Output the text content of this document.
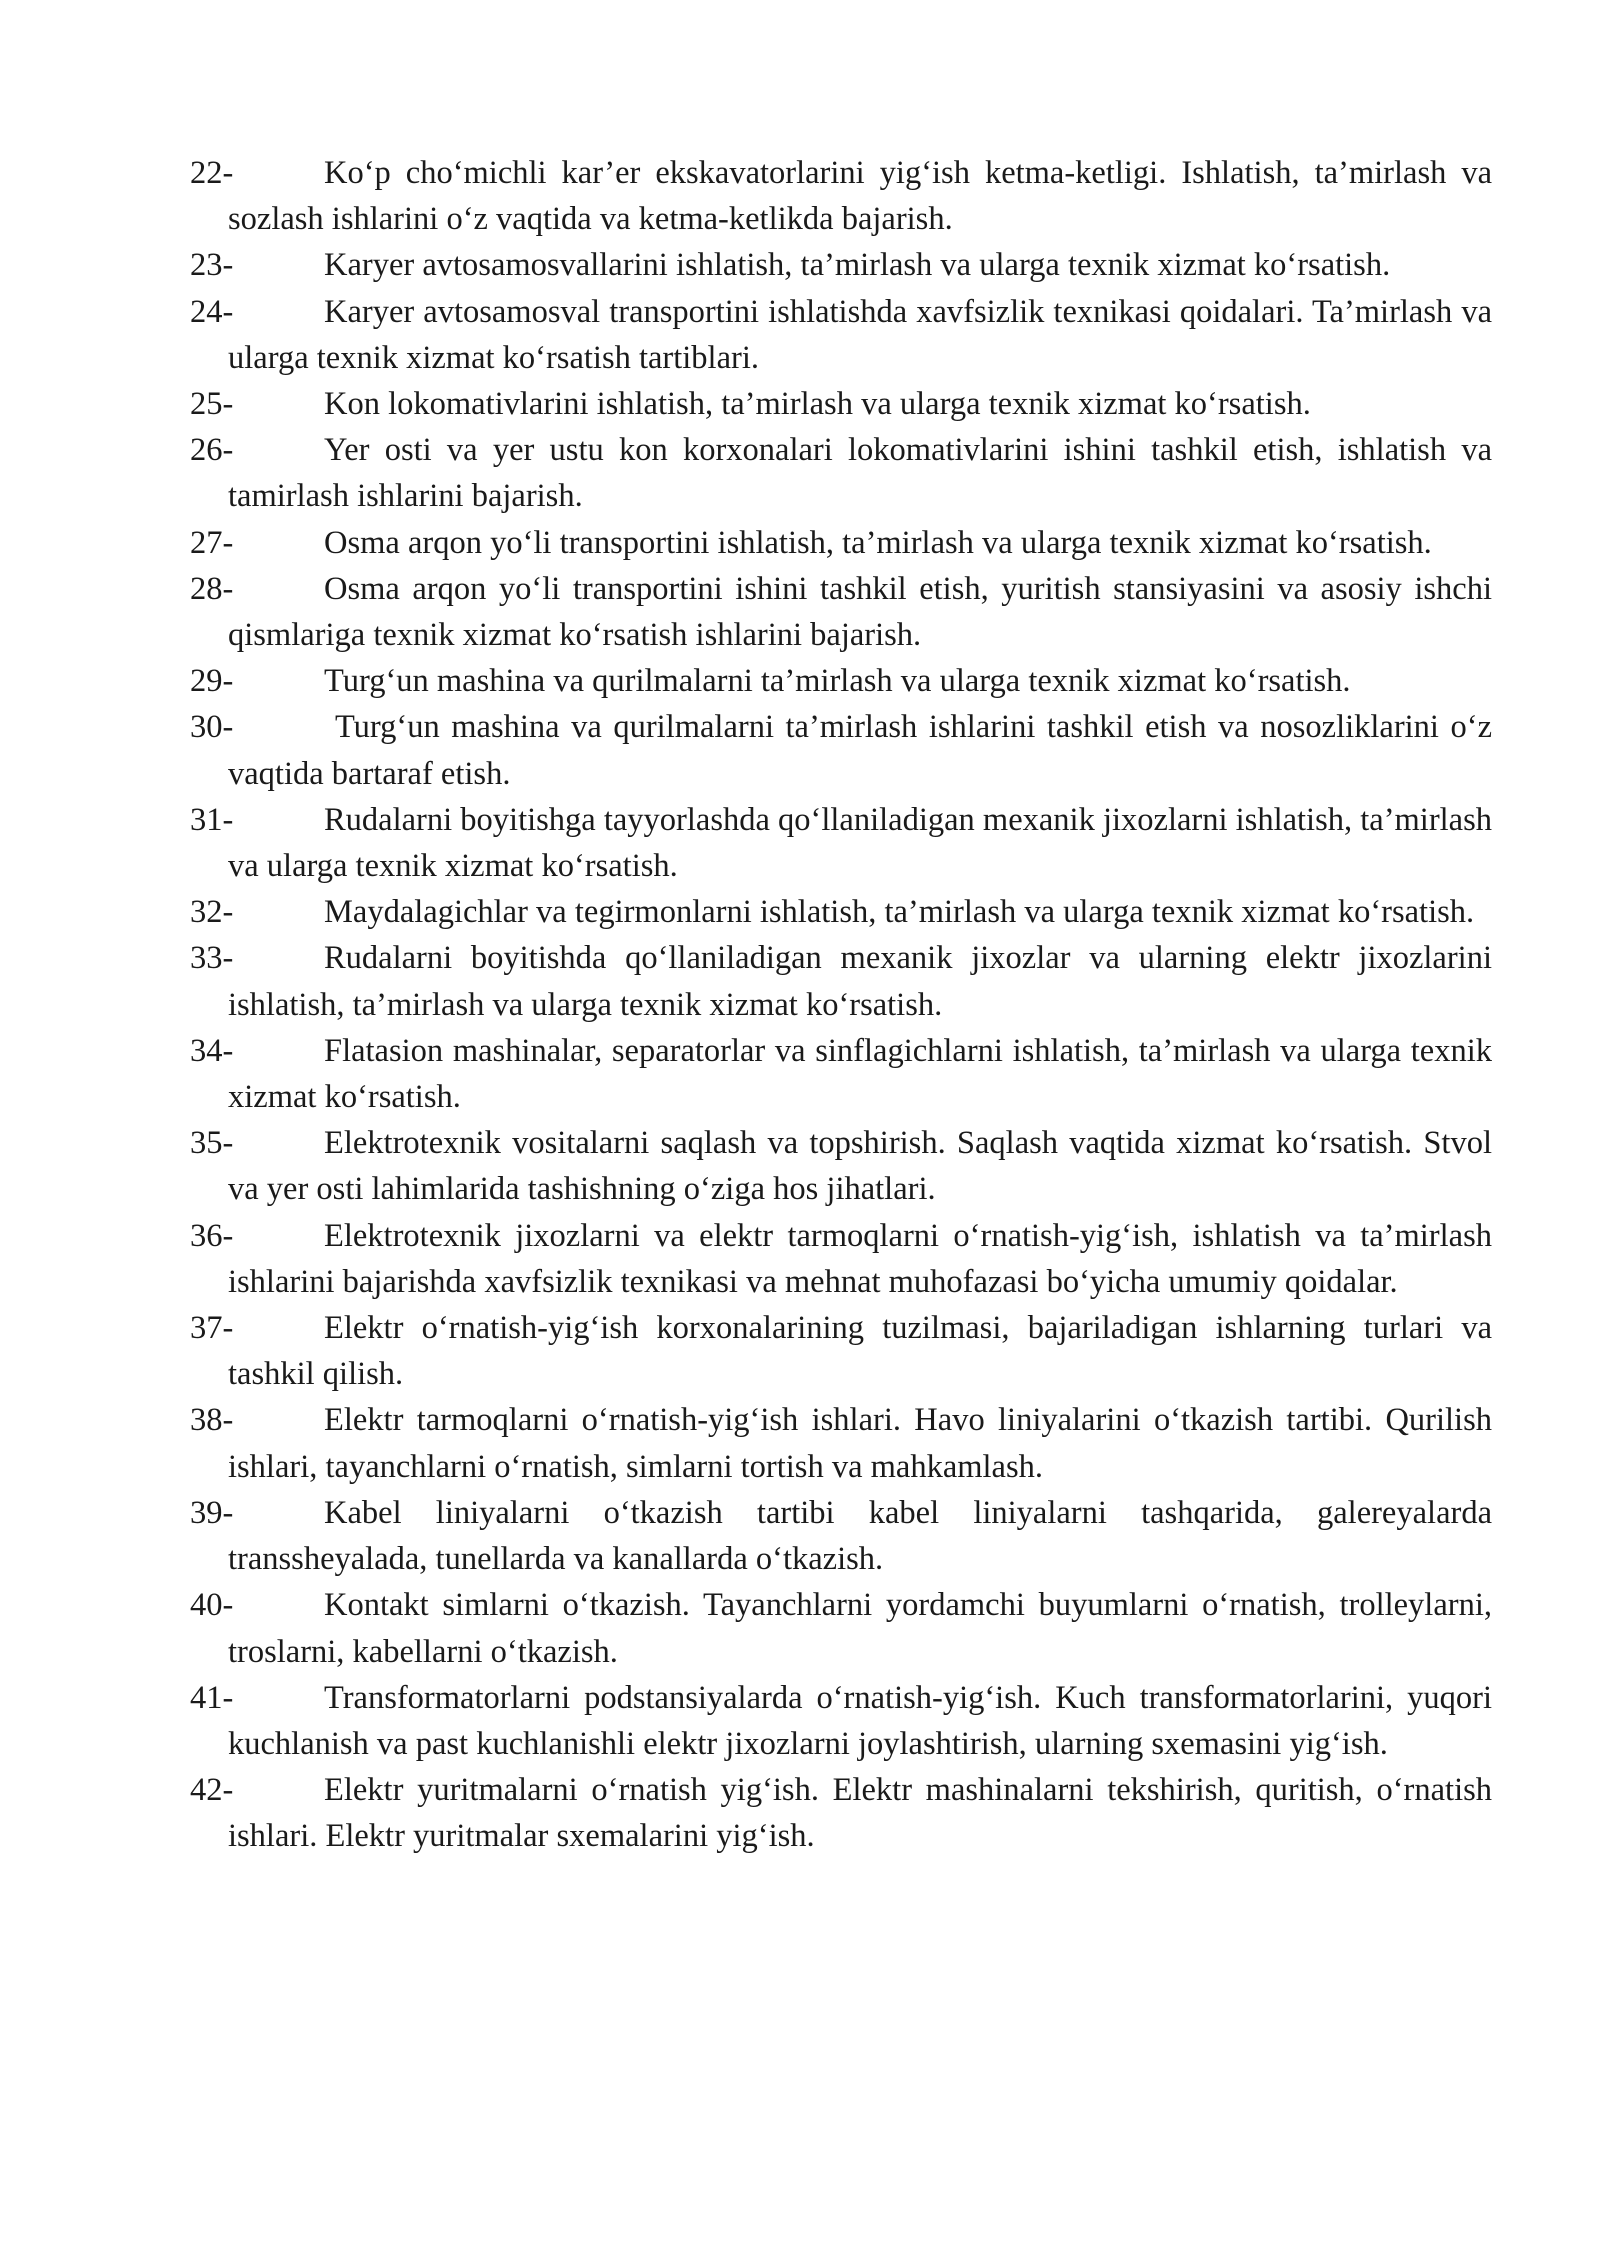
22-	Koʻp choʻmichli kar’er ekskavatorlarini yigʻish ketma-ketligi. Ishlatish, ta’mirlash va sozlash ishlarini oʻz vaqtida va ketma-ketlikda bajarish.
23-	Karyer avtosamosvallarini ishlatish, ta’mirlash va ularga texnik xizmat koʻrsatish.
24-	Karyer avtosamosval transportini ishlatishda xavfsizlik texnikasi qoidalari. Ta’mirlash va ularga texnik xizmat koʻrsatish tartiblari.
25-	Kon lokomativlarini ishlatish, ta’mirlash va ularga texnik xizmat koʻrsatish.
26-	Yer osti va yer ustu kon korxonalari lokomativlarini ishini tashkil etish, ishlatish va tamirlash ishlarini bajarish.
27-	Osma arqon yoʻli transportini ishlatish, ta’mirlash va ularga texnik xizmat koʻrsatish.
28-	Osma arqon yoʻli transportini ishini tashkil etish, yuritish stansiyasini va asosiy ishchi qismlariga texnik xizmat koʻrsatish ishlarini bajarish.
29-	Turgʻun mashina va qurilmalarni ta’mirlash va ularga texnik xizmat koʻrsatish.
30-	Turgʻun mashina va qurilmalarni ta’mirlash ishlarini tashkil etish va nosozliklarini oʻz vaqtida bartaraf etish.
31-	Rudalarni boyitishga tayyorlashda qoʻllaniladigan mexanik jixozlarni ishlatish, ta’mirlash va ularga texnik xizmat koʻrsatish.
32-	Maydalagichlar va tegirmonlarni ishlatish, ta’mirlash va ularga texnik xizmat koʻrsatish.
33-	Rudalarni boyitishda qoʻllaniladigan mexanik jixozlar va ularning elektr jixozlarini ishlatish, ta’mirlash va ularga texnik xizmat koʻrsatish.
34-	Flatasion mashinalar, separatorlar va sinflagichlarni ishlatish, ta’mirlash va ularga texnik xizmat koʻrsatish.
35-	Elektrotexnik vositalarni saqlash va topshirish. Saqlash vaqtida xizmat koʻrsatish. Stvol va yer osti lahimlarida tashishning oʻziga hos jihatlari.
36-	Elektrotexnik jixozlarni va elektr tarmoqlarni oʻrnatish-yigʻish, ishlatish va ta’mirlash ishlarini bajarishda xavfsizlik texnikasi va mehnat muhofazasi boʻyicha umumiy qoidalar.
37-	Elektr oʻrnatish-yigʻish korxonalarining tuzilmasi, bajariladigan ishlarning turlari va tashkil qilish.
38-	Elektr tarmoqlarni oʻrnatish-yigʻish ishlari. Havo liniyalarini oʻtkazish tartibi. Qurilish ishlari, tayanchlarni oʻrnatish, simlarni tortish va mahkamlash.
39-	Kabel liniyalarni oʻtkazish tartibi kabel liniyalarni tashqarida, galereyalarda transsheyalada, tunellarda va kanallarda oʻtkazish.
40-	Kontakt simlarni oʻtkazish. Tayanchlarni yordamchi buyumlarni oʻrnatish, trolleylarni, troslarni, kabellarni oʻtkazish.
41-	Transformatorlarni podstansiyalarda oʻrnatish-yigʻish. Kuch transformatorlarini, yuqori kuchlanish va past kuchlanishli elektr jixozlarni joylashtirish, ularning sxemasini yigʻish.
42-	Elektr yuritmalarni oʻrnatish yigʻish. Elektr mashinalarni tekshirish, quritish, oʻrnatish ishlari. Elektr yuritmalar sxemalarini yigʻish.
